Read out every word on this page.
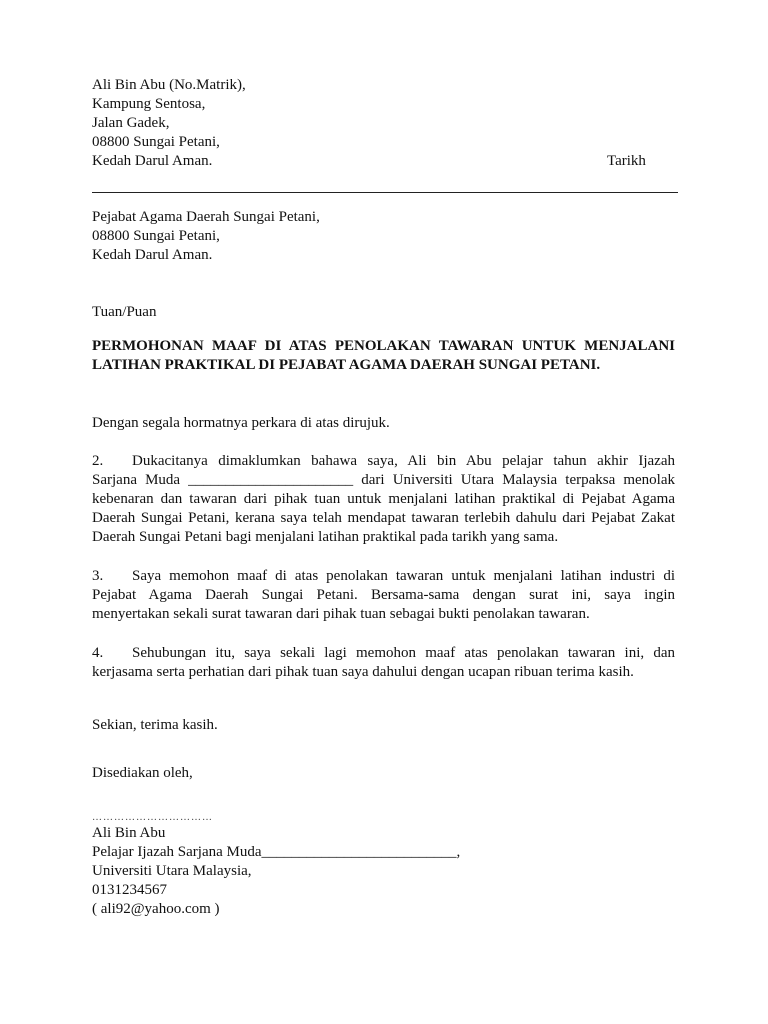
Ali Bin Abu (No.Matrik),
Kampung Sentosa,
Jalan Gadek,
08800 Sungai Petani,
Kedah Darul Aman.	Tarikh
Pejabat Agama Daerah Sungai Petani,
08800 Sungai Petani,
Kedah Darul Aman.
Tuan/Puan
PERMOHONAN MAAF DI ATAS PENOLAKAN TAWARAN UNTUK MENJALANI
LATIHAN PRAKTIKAL DI PEJABAT AGAMA DAERAH SUNGAI PETANI.
Dengan segala hormatnya perkara di atas dirujuk.
2. Dukacitanya dimaklumkan bahawa saya, Ali bin Abu pelajar tahun akhir Ijazah
Sarjana Muda ______________________ dari Universiti Utara Malaysia terpaksa menolak
kebenaran dan tawaran dari pihak tuan untuk menjalani latihan praktikal di Pejabat Agama
Daerah Sungai Petani, kerana saya telah mendapat tawaran terlebih dahulu dari Pejabat Zakat
Daerah Sungai Petani bagi menjalani latihan praktikal pada tarikh yang sama.
3. Saya memohon maaf di atas penolakan tawaran untuk menjalani latihan industri di
Pejabat Agama Daerah Sungai Petani. Bersama-sama dengan surat ini, saya ingin
menyertakan sekali surat tawaran dari pihak tuan sebagai bukti penolakan tawaran.
4. Sehubungan itu, saya sekali lagi memohon maaf atas penolakan tawaran ini, dan
kerjasama serta perhatian dari pihak tuan saya dahului dengan ucapan ribuan terima kasih.
Sekian, terima kasih.
Disediakan oleh,
……………………………
Ali Bin Abu
Pelajar Ijazah Sarjana Muda__________________________,
Universiti Utara Malaysia,
0131234567
( ali92@yahoo.com )
